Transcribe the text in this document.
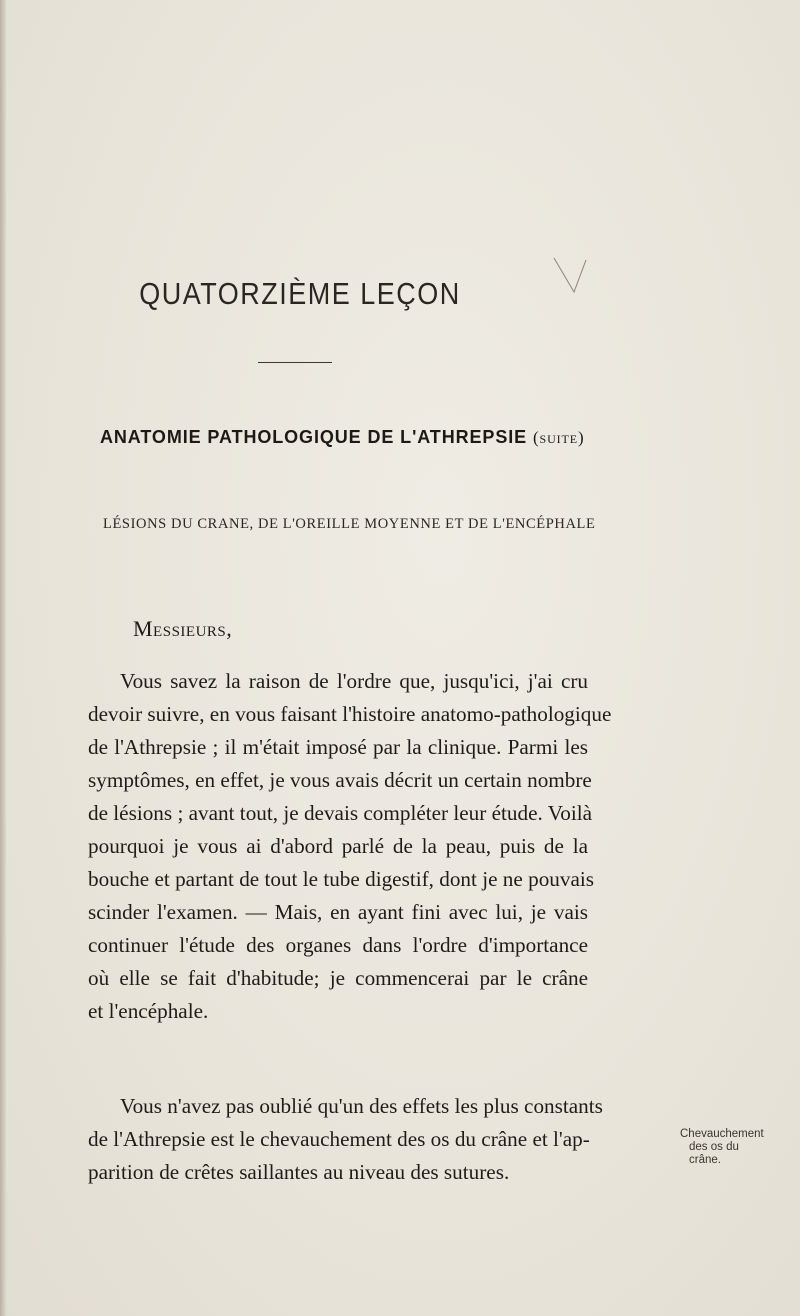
QUATORZIÈME LEÇON
ANATOMIE PATHOLOGIQUE DE L'ATHREPSIE (suite)
LÉSIONS DU CRANE, DE L'OREILLE MOYENNE ET DE L'ENCÉPHALE
Messieurs,
Vous savez la raison de l'ordre que, jusqu'ici, j'ai cru
devoir suivre, en vous faisant l'histoire anatomo-pathologique
de l'Athrepsie ; il m'était imposé par la clinique. Parmi les
symptômes, en effet, je vous avais décrit un certain nombre
de lésions ; avant tout, je devais compléter leur étude. Voilà
pourquoi je vous ai d'abord parlé de la peau, puis de la
bouche et partant de tout le tube digestif, dont je ne pouvais
scinder l'examen. — Mais, en ayant fini avec lui, je vais
continuer l'étude des organes dans l'ordre d'importance
où elle se fait d'habitude; je commencerai par le crâne
et l'encéphale.
Vous n'avez pas oublié qu'un des effets les plus constants
de l'Athrepsie est le chevauchement des os du crâne et l'ap-
parition de crêtes saillantes au niveau des sutures.
Chevauchement
des os du
crâne.
